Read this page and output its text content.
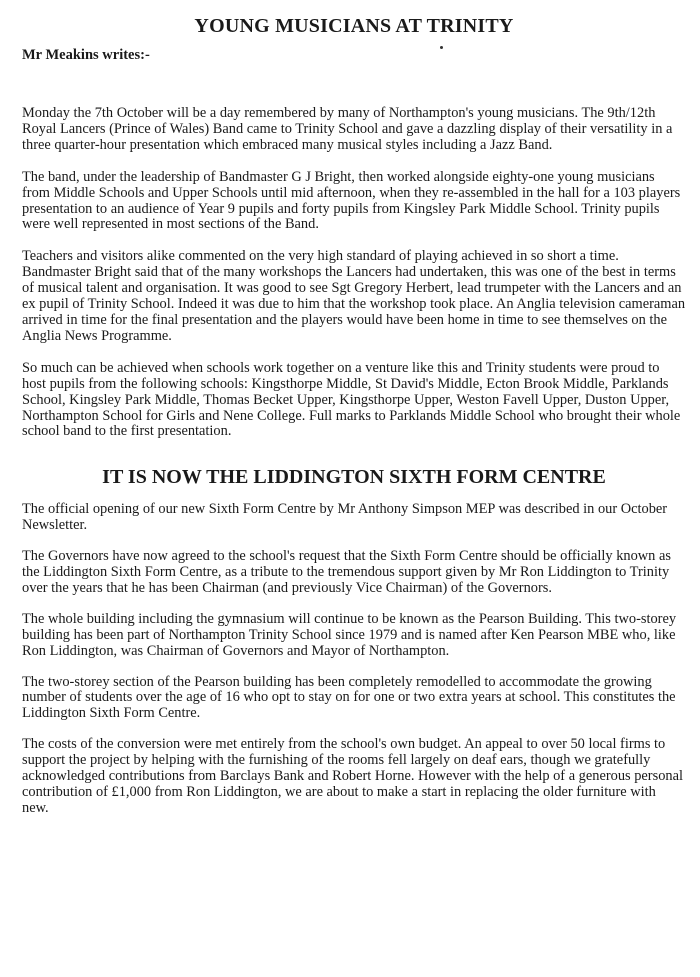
YOUNG MUSICIANS AT TRINITY
Mr Meakins writes:-

Monday the 7th October will be a day remembered by many of Northampton's young musicians. The 9th/12th Royal Lancers (Prince of Wales) Band came to Trinity School and gave a dazzling display of their versatility in a three quarter-hour presentation which embraced many musical styles including a Jazz Band.

The band, under the leadership of Bandmaster G J Bright, then worked alongside eighty-one young musicians from Middle Schools and Upper Schools until mid afternoon, when they re-assembled in the hall for a 103 players presentation to an audience of Year 9 pupils and forty pupils from Kingsley Park Middle School. Trinity pupils were well represented in most sections of the Band.

Teachers and visitors alike commented on the very high standard of playing achieved in so short a time. Bandmaster Bright said that of the many workshops the Lancers had undertaken, this was one of the best in terms of musical talent and organisation. It was good to see Sgt Gregory Herbert, lead trumpeter with the Lancers and an ex pupil of Trinity School. Indeed it was due to him that the workshop took place. An Anglia television cameraman arrived in time for the final presentation and the players would have been home in time to see themselves on the Anglia News Programme.

So much can be achieved when schools work together on a venture like this and Trinity students were proud to host pupils from the following schools: Kingsthorpe Middle, St David's Middle, Ecton Brook Middle, Parklands School, Kingsley Park Middle, Thomas Becket Upper, Kingsthorpe Upper, Weston Favell Upper, Duston Upper, Northampton School for Girls and Nene College. Full marks to Parklands Middle School who brought their whole school band to the first presentation.

IT IS NOW THE LIDDINGTON SIXTH FORM CENTRE

The official opening of our new Sixth Form Centre by Mr Anthony Simpson MEP was described in our October Newsletter.

The Governors have now agreed to the school's request that the Sixth Form Centre should be officially known as the Liddington Sixth Form Centre, as a tribute to the tremendous support given by Mr Ron Liddington to Trinity over the years that he has been Chairman (and previously Vice Chairman) of the Governors.

The whole building including the gymnasium will continue to be known as the Pearson Building. This two-storey building has been part of Northampton Trinity School since 1979 and is named after Ken Pearson MBE who, like Ron Liddington, was Chairman of Governors and Mayor of Northampton.

The two-storey section of the Pearson building has been completely remodelled to accommodate the growing number of students over the age of 16 who opt to stay on for one or two extra years at school. This constitutes the Liddington Sixth Form Centre.

The costs of the conversion were met entirely from the school's own budget. An appeal to over 50 local firms to support the project by helping with the furnishing of the rooms fell largely on deaf ears, though we gratefully acknowledged contributions from Barclays Bank and Robert Horne. However with the help of a generous personal contribution of £1,000 from Ron Liddington, we are about to make a start in replacing the older furniture with new.
